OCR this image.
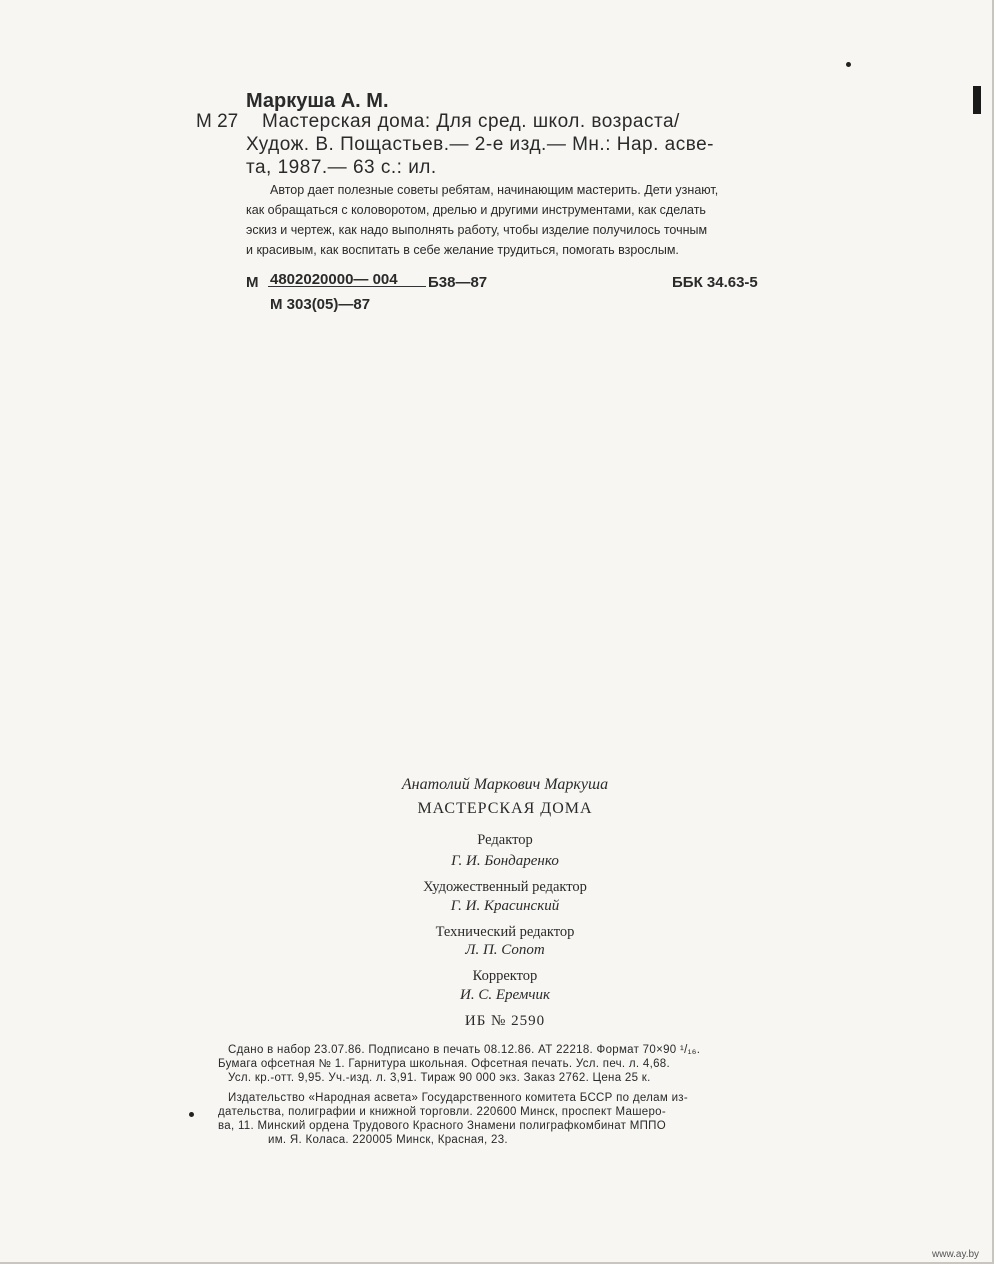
Маркуша А. М.
М 27 Мастерская дома: Для сред. школ. возраста/
Худож. В. Пощастьев.— 2-е изд.— Мн.: Нар. асве-
та, 1987.— 63 с.: ил.
Автор дает полезные советы ребятам, начинающим мастерить. Дети узнают,
как обращаться с коловоротом, дрелью и другими инструментами, как сделать
эскиз и чертеж, как надо выполнять работу, чтобы изделие получилось точным
и красивым, как воспитать в себе желание трудиться, помогать взрослым.
4802020000— 004
М	Б38—87
М 303(05)—87
ББК 34.63-5
Анатолий Маркович Маркуша
МАСТЕРСКАЯ ДОМА
Редактор
Г. И. Бондаренко
Художественный редактор
Г. И. Красинский
Технический редактор
Л. П. Сопот
Корректор
И. С. Еремчик
ИБ № 2590
Сдано в набор 23.07.86. Подписано в печать 08.12.86. АТ 22218. Формат 70×90 ¹/₁₆.
Бумага офсетная № 1. Гарнитура школьная. Офсетная печать. Усл. печ. л. 4,68.
Усл. кр.-отт. 9,95. Уч.-изд. л. 3,91. Тираж 90 000 экз. Заказ 2762. Цена 25 к.
Издательство «Народная асвета» Государственного комитета БССР по делам из-
дательства, полиграфии и книжной торговли. 220600 Минск, проспект Машеро-
ва, 11. Минский ордена Трудового Красного Знамени полиграфкомбинат МППО
им. Я. Коласа. 220005 Минск, Красная, 23.
www.ay.by
